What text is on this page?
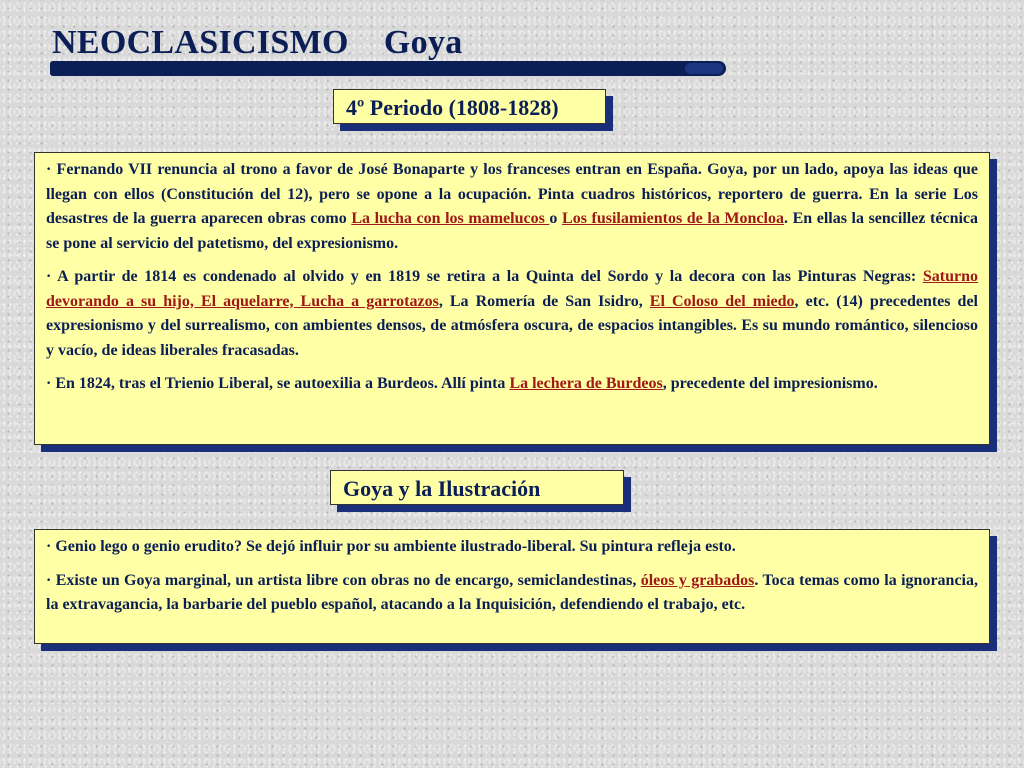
NEOCLASICISMO    Goya
4º Periodo (1808-1828)

· Fernando VII renuncia al trono a favor de José Bonaparte y los franceses entran en España. Goya, por un lado, apoya las ideas que llegan con ellos (Constitución del 12), pero se opone a la ocupación. Pinta cuadros históricos, reportero de guerra. En la serie Los desastres de la guerra aparecen obras como La lucha con los mamelucos o Los fusilamientos de la Moncloa. En ellas la sencillez técnica se pone al servicio del patetismo, del expresionismo.

· A partir de 1814 es condenado al olvido y en 1819 se retira a la Quinta del Sordo y la decora con las Pinturas Negras: Saturno devorando a su hijo, El aquelarre, Lucha a garrotazos, La Romería de San Isidro, El Coloso del miedo, etc. (14) precedentes del expresionismo y del surrealismo, con ambientes densos, de atmósfera oscura, de espacios intangibles. Es su mundo romántico, silencioso y vacío, de ideas liberales fracasadas.

· En 1824, tras el Trienio Liberal, se autoexilia a Burdeos. Allí pinta La lechera de Burdeos, precedente del impresionismo.

Goya y la Ilustración

· Genio lego o genio erudito? Se dejó influir por su ambiente ilustrado-liberal. Su pintura refleja esto.

· Existe un Goya marginal, un artista libre con obras no de encargo, semiclandestinas, óleos y grabados. Toca temas como la ignorancia, la extravagancia, la barbarie del pueblo español, atacando a la Inquisición, defendiendo el trabajo, etc.
